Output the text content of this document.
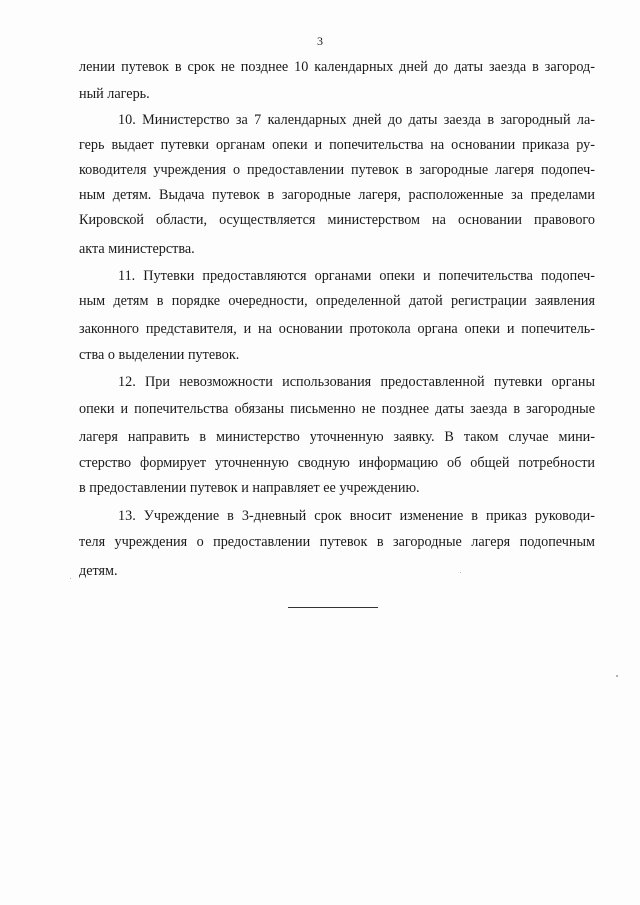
3
лении путевок в срок не позднее 10 календарных дней до даты заезда в загород-
ный лагерь.
10. Министерство за 7 календарных дней до даты заезда в загородный ла-
герь выдает путевки органам опеки и попечительства на основании приказа ру-
ководителя учреждения о предоставлении путевок в загородные лагеря подопеч-
ным детям. Выдача путевок в загородные лагеря, расположенные за пределами
Кировской области, осуществляется министерством на основании правового
акта министерства.
11. Путевки предоставляются органами опеки и попечительства подопеч-
ным детям в порядке очередности, определенной датой регистрации заявления
законного представителя, и на основании протокола органа опеки и попечитель-
ства о выделении путевок.
12. При невозможности использования предоставленной путевки органы
опеки и попечительства обязаны письменно не позднее даты заезда в загородные
лагеря направить в министерство уточненную заявку. В таком случае мини-
стерство формирует уточненную сводную информацию об общей потребности
в предоставлении путевок и направляет ее учреждению.
13. Учреждение в 3-дневный срок вносит изменение в приказ руководи-
теля учреждения о предоставлении путевок в загородные лагеря подопечным
детям.
